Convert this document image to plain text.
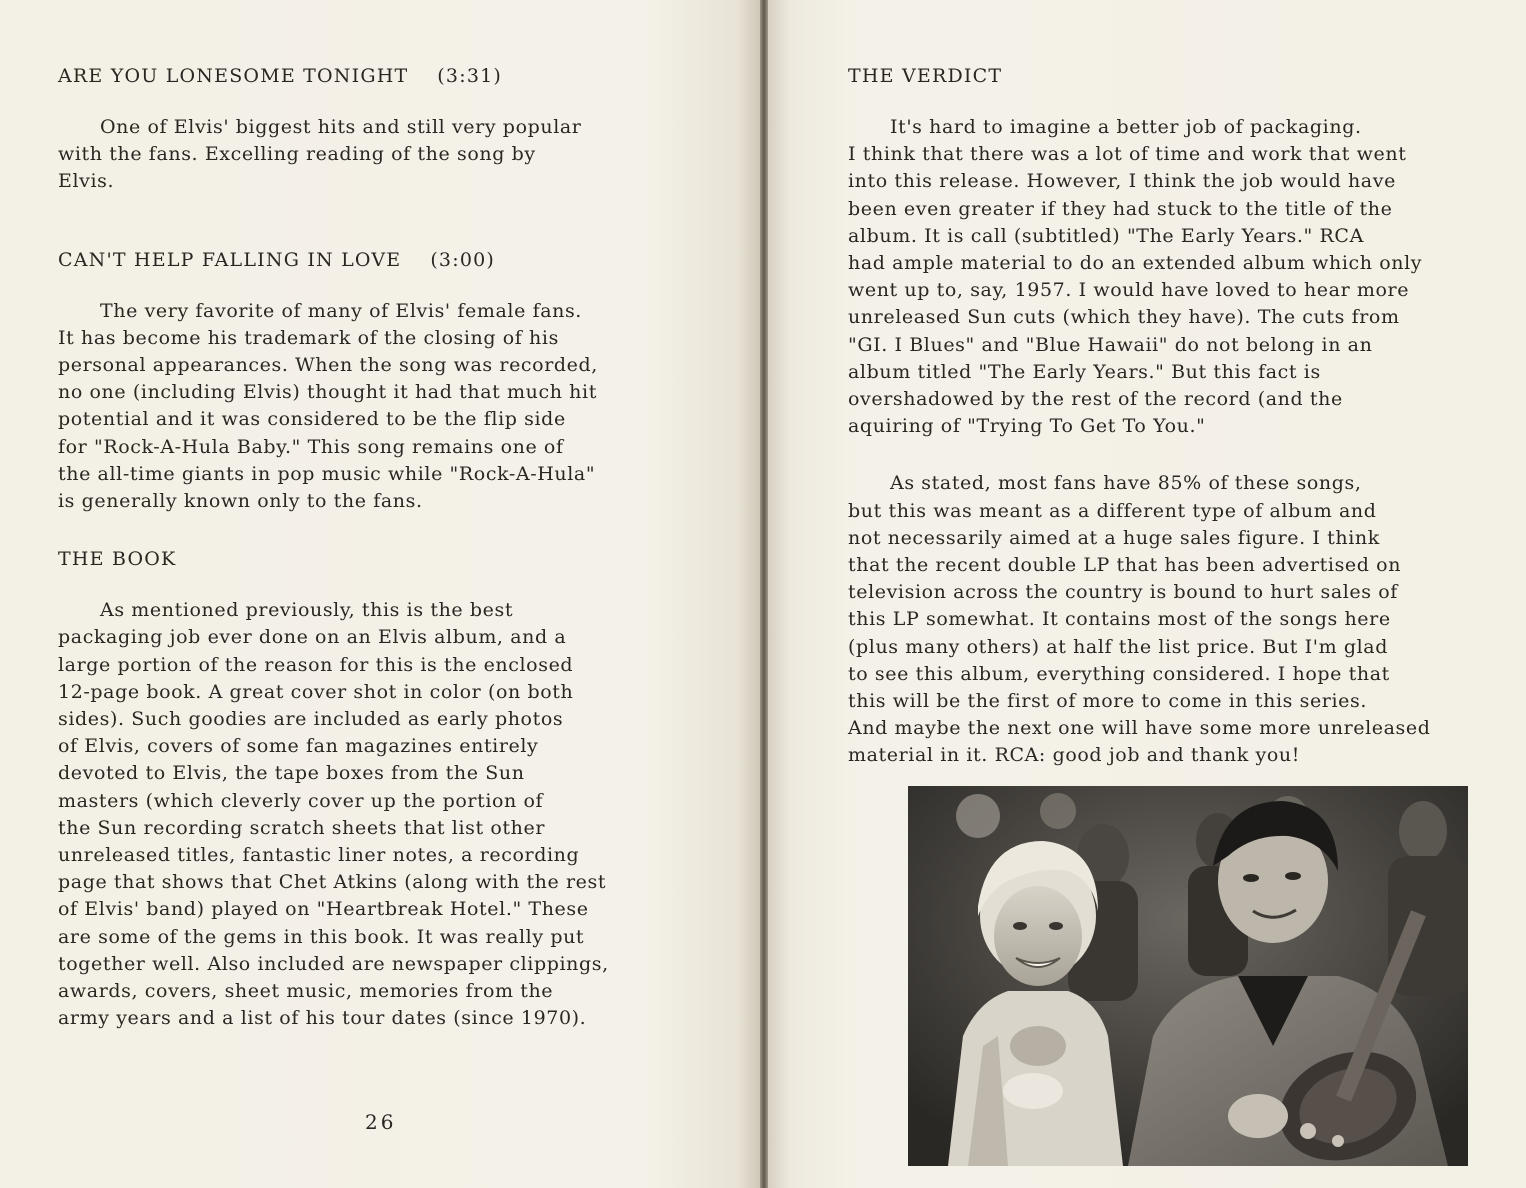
ARE YOU LONESOME TONIGHT    (3:31)

One of Elvis' biggest hits and still very popular
with the fans. Excelling reading of the song by
Elvis.

CAN'T HELP FALLING IN LOVE    (3:00)

The very favorite of many of Elvis' female fans.
It has become his trademark of the closing of his
personal appearances. When the song was recorded,
no one (including Elvis) thought it had that much hit
potential and it was considered to be the flip side
for "Rock-A-Hula Baby." This song remains one of
the all-time giants in pop music while "Rock-A-Hula"
is generally known only to the fans.

THE BOOK

As mentioned previously, this is the best
packaging job ever done on an Elvis album, and a
large portion of the reason for this is the enclosed
12-page book. A great cover shot in color (on both
sides). Such goodies are included as early photos
of Elvis, covers of some fan magazines entirely
devoted to Elvis, the tape boxes from the Sun
masters (which cleverly cover up the portion of
the Sun recording scratch sheets that list other
unreleased titles, fantastic liner notes, a recording
page that shows that Chet Atkins (along with the rest
of Elvis' band) played on "Heartbreak Hotel." These
are some of the gems in this book. It was really put
together well. Also included are newspaper clippings,
awards, covers, sheet music, memories from the
army years and a list of his tour dates (since 1970).

26
THE VERDICT

It's hard to imagine a better job of packaging.
I think that there was a lot of time and work that went
into this release. However, I think the job would have
been even greater if they had stuck to the title of the
album. It is call (subtitled) "The Early Years." RCA
had ample material to do an extended album which only
went up to, say, 1957. I would have loved to hear more
unreleased Sun cuts (which they have). The cuts from
"GI. I Blues" and "Blue Hawaii" do not belong in an
album titled "The Early Years." But this fact is
overshadowed by the rest of the record (and the
aquiring of "Trying To Get To You."

As stated, most fans have 85% of these songs,
but this was meant as a different type of album and
not necessarily aimed at a huge sales figure. I think
that the recent double LP that has been advertised on
television across the country is bound to hurt sales of
this LP somewhat. It contains most of the songs here
(plus many others) at half the list price. But I'm glad
to see this album, everything considered. I hope that
this will be the first of more to come in this series.
And maybe the next one will have some more unreleased
material in it. RCA: good job and thank you!
